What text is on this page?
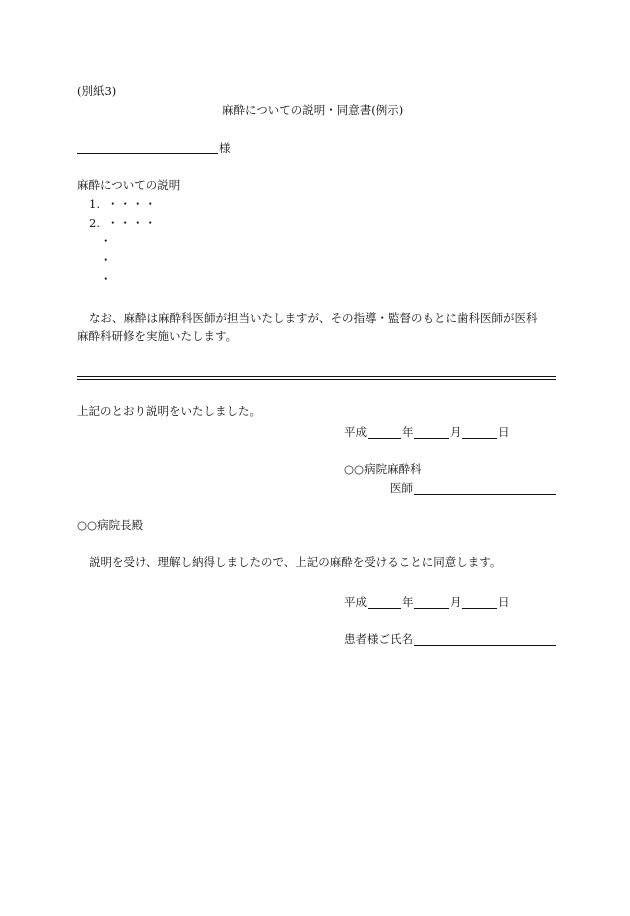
(別紙3)
麻酔についての説明・同意書(例示)
様
麻酔についての説明
1. ・・・・
2. ・・・・
・
・
・
なお、麻酔は麻酔科医師が担当いたしますが、その指導・監督のもとに歯科医師が医科
麻酔科研修を実施いたします。
上記のとおり説明をいたしました。
平成	年	月	日
○○病院麻酔科
医師
○○病院長殿
説明を受け、理解し納得しましたので、上記の麻酔を受けることに同意します。
平成	年	月	日
患者様ご氏名
